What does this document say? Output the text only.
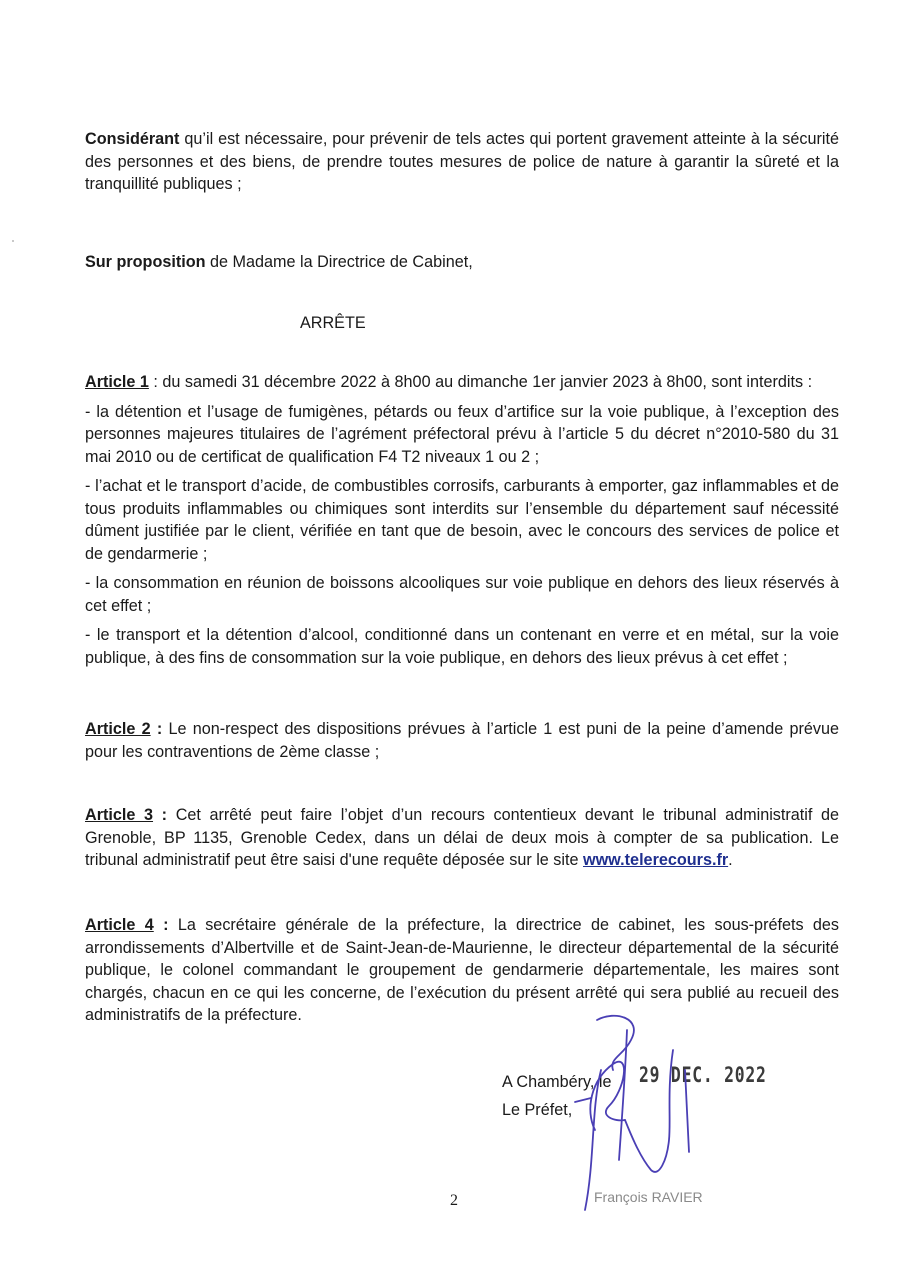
Considérant qu’il est nécessaire, pour prévenir de tels actes qui portent gravement atteinte à la sécurité des personnes et des biens, de prendre toutes mesures de police de nature à garantir la sûreté et la tranquillité publiques ;

Sur proposition de Madame la Directrice de Cabinet,

ARRÊTE

Article 1 : du samedi 31 décembre 2022 à 8h00 au dimanche 1er janvier 2023 à 8h00, sont interdits :

- la détention et l’usage de fumigènes, pétards ou feux d’artifice sur la voie publique, à l’exception des personnes majeures titulaires de l’agrément préfectoral prévu à l’article 5 du décret n°2010-580 du 31 mai 2010 ou de certificat de qualification F4 T2 niveaux 1 ou 2 ;

- l’achat et le transport d’acide, de combustibles corrosifs, carburants à emporter, gaz inflammables et de tous produits inflammables ou chimiques sont interdits sur l’ensemble du département sauf nécessité dûment justifiée par le client, vérifiée en tant que de besoin, avec le concours des services de police et de gendarmerie ;

- la consommation en réunion de boissons alcooliques sur voie publique en dehors des lieux réservés à cet effet ;

- le transport et la détention d’alcool, conditionné dans un contenant en verre et en métal, sur la voie publique, à des fins de consommation sur la voie publique, en dehors des lieux prévus à cet effet ;

Article 2 : Le non-respect des dispositions prévues à l’article 1 est puni de la peine d’amende prévue pour les contraventions de 2ème classe ;

Article 3 : Cet arrêté peut faire l’objet d’un recours contentieux devant le tribunal administratif de Grenoble, BP 1135, Grenoble Cedex, dans un délai de deux mois à compter de sa publication. Le tribunal administratif peut être saisi d'une requête déposée sur le site www.telerecours.fr.

Article 4 : La secrétaire générale de la préfecture, la directrice de cabinet, les sous-préfets des arrondissements d’Albertville et de Saint-Jean-de-Maurienne, le directeur départemental de la sécurité publique, le colonel commandant le groupement de gendarmerie départementale, les maires sont chargés, chacun en ce qui les concerne, de l’exécution du présent arrêté qui sera publié au recueil des administratifs de la préfecture.

A Chambéry, le
Le Préfet,
29 DEC. 2022
François RAVIER
2
